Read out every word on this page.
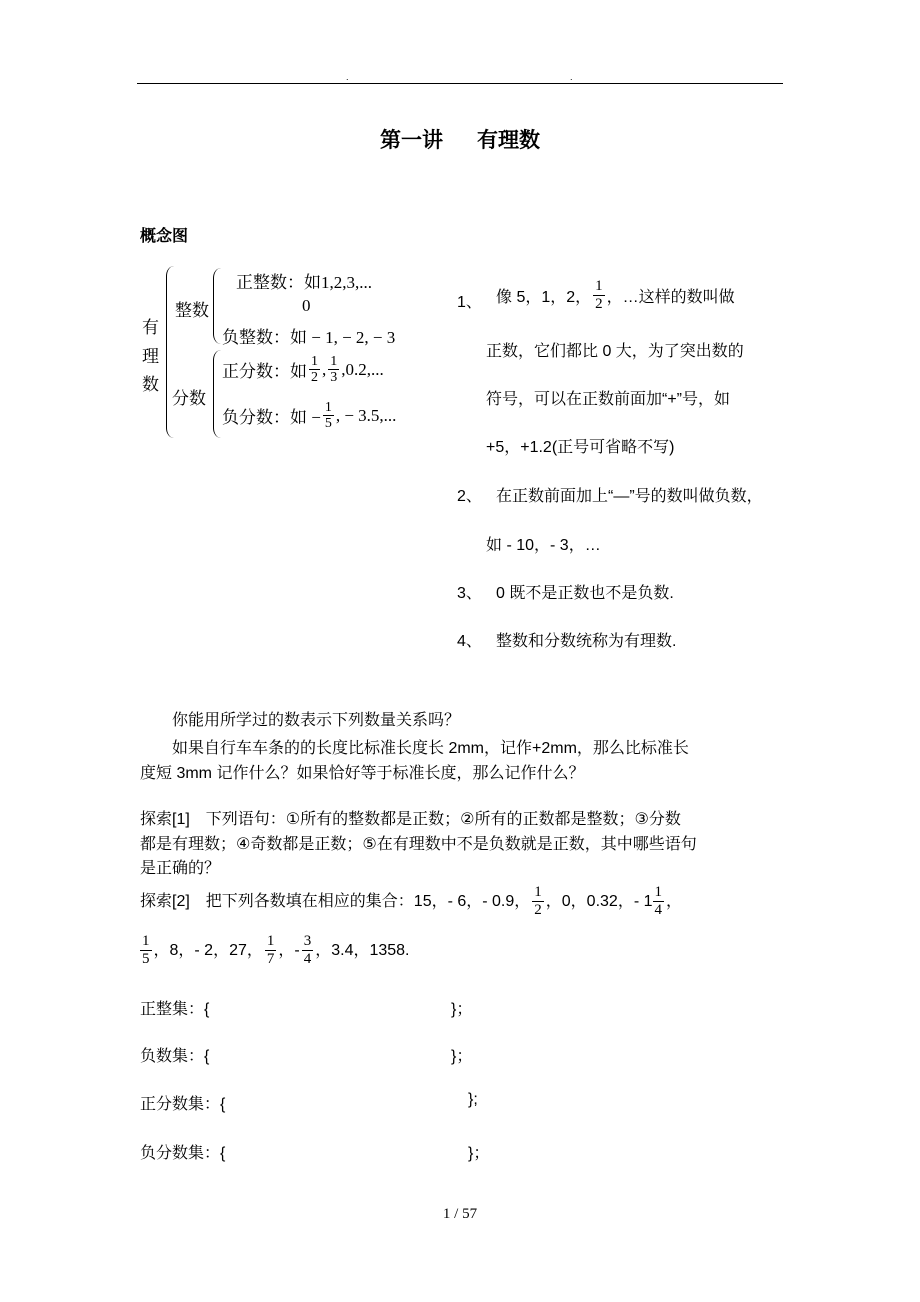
.	.
第一讲 有理数
概念图
有
理
数
整数
正整数：如1,2,3,...
0
负整数：如 − 1, − 2, − 3
分数
正分数：如 $\frac{1}{2}$ , $\frac{1}{3} ,0.2$,...
负分数：如 − $\frac{1}{5}$ , − 3.5,...
1、 像 5，1，2， $\frac{1}{2}$ ，…这样的数叫做
正数，它们都比 0 大，为了突出数的
符号，可以在正数前面加“+”号，如
+5，+1.2(正号可省略不写)
2、 在正数前面加上“—”号的数叫做负数，
如 - 10，- 3，…
3、 0 既不是正数也不是负数.
4、 整数和分数统称为有理数.
你能用所学过的数表示下列数量关系吗？
如果自行车车条的的长度比标准长度长 2mm，记作+2mm，那么比标准长
度短 3mm 记作什么？如果恰好等于标准长度，那么记作什么？
探索[1]　下列语句：①所有的整数都是正数；②所有的正数都是整数；③分数
都是有理数；④奇数都是正数；⑤在有理数中不是负数就是正数，其中哪些语句
是正确的？
探索[2]　把下列各数填在相应的集合：15，- 6，- 0.9， $\frac{1}{2}$ ，0，0.32，- $1 \frac{1}{4}$ ，
$\frac{1}{5}$ ，8，- 2，27， $\frac{1}{7}$ ，- $\frac{3}{4}$ ，3.4，1358.
正整集：{	}；
负数集：{	}；
正分数集：{	};
负分数集：{	}；
1 / 57
